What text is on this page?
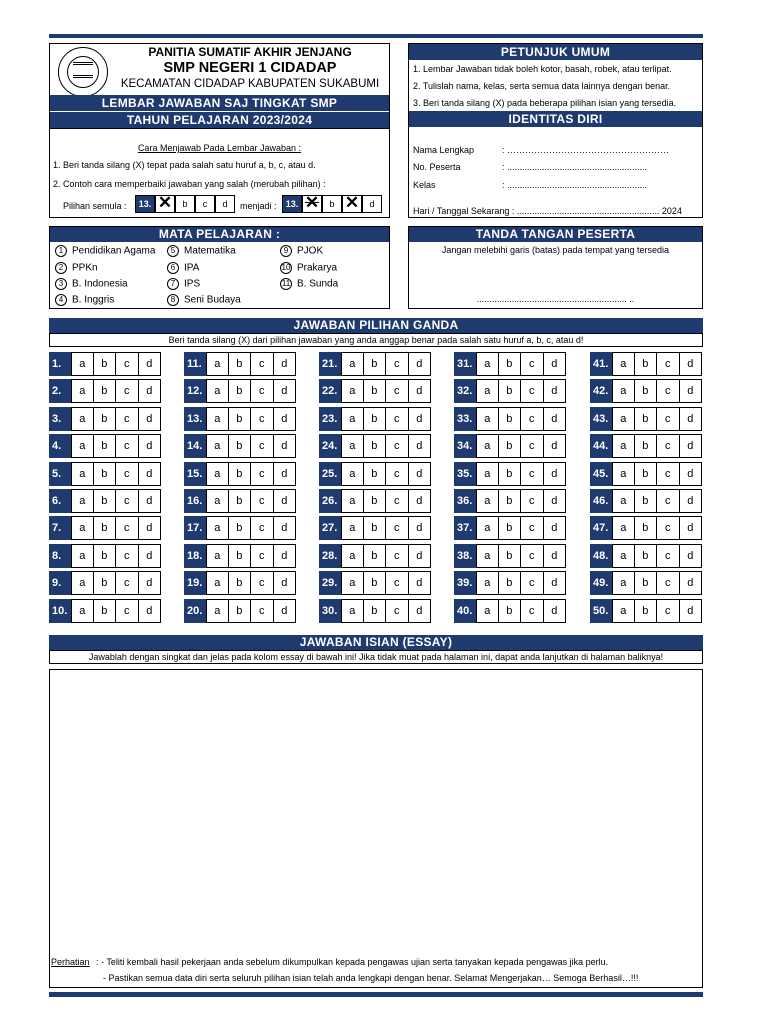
PANITIA SUMATIF AKHIR JENJANG
SMP NEGERI 1 CIDADAP
KECAMATAN CIDADAP KABUPATEN SUKABUMI
LEMBAR JAWABAN SAJ TINGKAT SMP
TAHUN PELAJARAN 2023/2024
Cara Menjawab Pada Lembar Jawaban :
1. Beri tanda silang (X) tepat pada salah satu huruf a, b, c, atau d.
2. Contoh cara memperbaiki jawaban yang salah (merubah pilihan) :
Pilihan semula :	13. ✕	b	c	d	menjadi :	13. ✕	b ✕	d
PETUNJUK UMUM
1. Lembar Jawaban tidak boleh kotor, basah, robek, atau terlipat.
2. Tulislah nama, kelas, serta semua data lainnya dengan benar.
3. Beri tanda silang (X) pada beberapa pilihan isian yang tersedia.
IDENTITAS DIRI
Nama Lengkap	: ………………………………………………
No. Peserta	: ........................................................
Kelas	: ........................................................
Hari / Tanggal Sekarang : ......................................................... 2024
MATA PELAJARAN :
1 Pendidikan Agama
2 PPKn
3 B. Indonesia
4 B. Inggris
5 Matematika
6 IPA
7 IPS
8 Seni Budaya
9 PJOK
10 Prakarya
11 B. Sunda
TANDA TANGAN PESERTA
Jangan melebihi garis (batas) pada tempat yang tersedia
............................................................ ..
JAWABAN PILIHAN GANDA
Beri tanda silang (X) dari pilihan jawaban yang anda anggap benar pada salah satu huruf a, b, c, atau d!
1.	a	b	c	d
2.	a	b	c	d
3.	a	b	c	d
4.	a	b	c	d
5.	a	b	c	d
6.	a	b	c	d
7.	a	b	c	d
8.	a	b	c	d
9.	a	b	c	d
10.	a	b	c	d
11.	a	b	c	d
12.	a	b	c	d
13.	a	b	c	d
14.	a	b	c	d
15.	a	b	c	d
16.	a	b	c	d
17.	a	b	c	d
18.	a	b	c	d
19.	a	b	c	d
20.	a	b	c	d
21.	a	b	c	d
22.	a	b	c	d
23.	a	b	c	d
24.	a	b	c	d
25.	a	b	c	d
26.	a	b	c	d
27.	a	b	c	d
28.	a	b	c	d
29.	a	b	c	d
30.	a	b	c	d
31.	a	b	c	d
32.	a	b	c	d
33.	a	b	c	d
34.	a	b	c	d
35.	a	b	c	d
36.	a	b	c	d
37.	a	b	c	d
38.	a	b	c	d
39.	a	b	c	d
40.	a	b	c	d
41.	a	b	c	d
42.	a	b	c	d
43.	a	b	c	d
44.	a	b	c	d
45.	a	b	c	d
46.	a	b	c	d
47.	a	b	c	d
48.	a	b	c	d
49.	a	b	c	d
50.	a	b	c	d
JAWABAN ISIAN (ESSAY)
Jawablah dengan singkat dan jelas pada kolom essay di bawah ini! Jika tidak muat pada halaman ini, dapat anda lanjutkan di halaman baliknya!
Perhatian : - Teliti kembali hasil pekerjaan anda sebelum dikumpulkan kepada pengawas ujian serta tanyakan kepada pengawas jika perlu.
- Pastikan semua data diri serta seluruh pilihan isian telah anda lengkapi dengan benar. Selamat Mengerjakan… Semoga Berhasil…!!!
